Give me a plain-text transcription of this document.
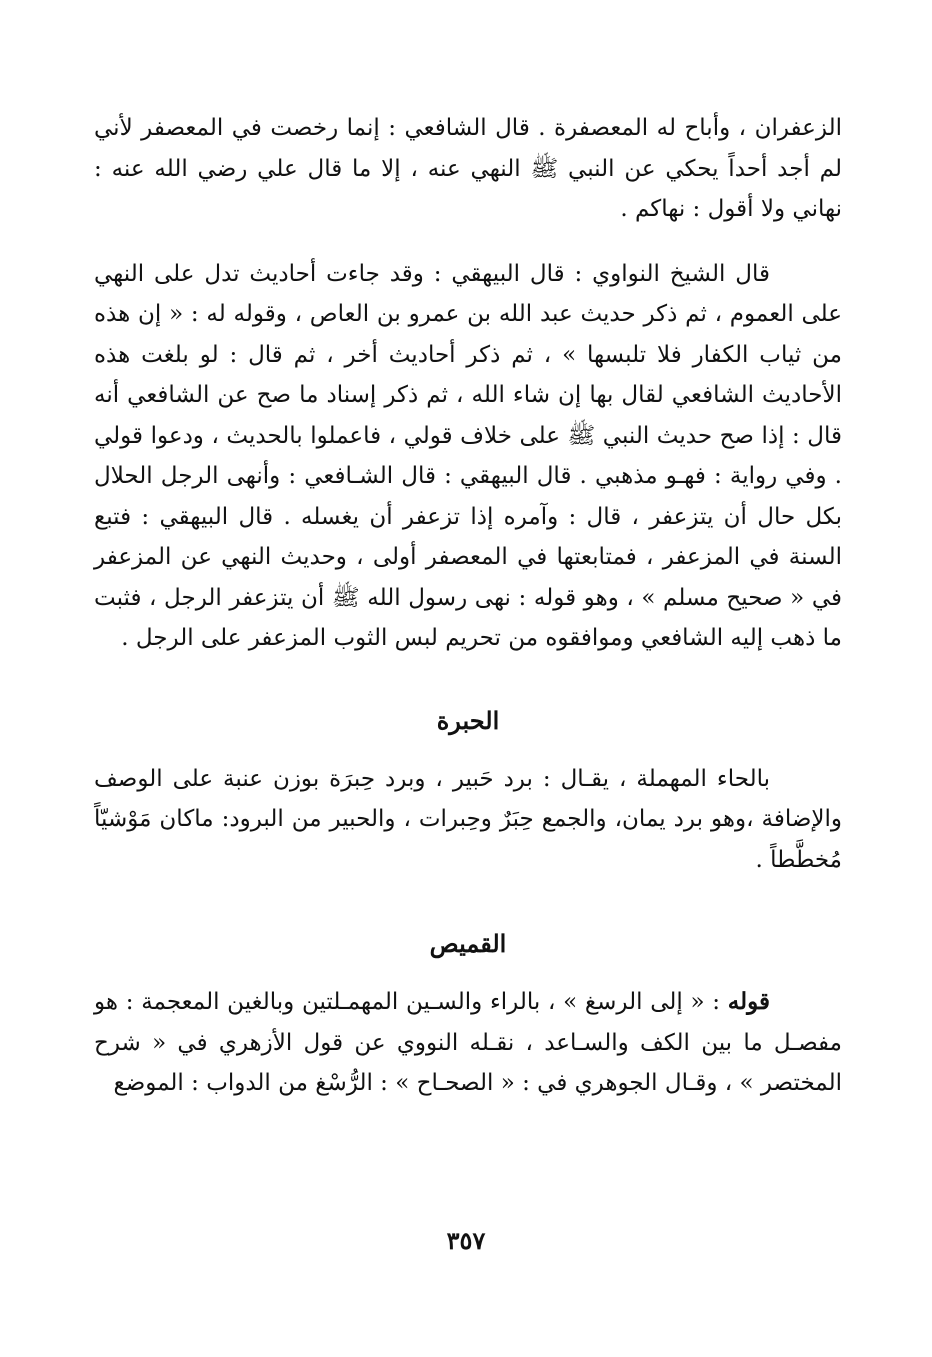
الزعفران ، وأباح له المعصفرة . قال الشافعي : إنما رخصت في المعصفر لأني لم أجد أحداً يحكي عن النبي ﷺ النهي عنه ، إلا ما قال علي رضي الله عنه : نهاني ولا أقول : نهاكم .

قال الشيخ النواوي : قال البيهقي : وقد جاءت أحاديث تدل على النهي على العموم ، ثم ذكر حديث عبد الله بن عمرو بن العاص ، وقوله له : « إن هذه من ثياب الكفار فلا تلبسها » ، ثم ذكر أحاديث أخر ، ثم قال : لو بلغت هذه الأحاديث الشافعي لقال بها إن شاء الله ، ثم ذكر إسناد ما صح عن الشافعي أنه قال : إذا صح حديث النبي ﷺ على خلاف قولي ، فاعملوا بالحديث ، ودعوا قولي . وفي رواية : فهـو مذهبي . قال البيهقي : قال الشـافعي : وأنهى الرجل الحلال بكل حال أن يتزعفر ، قال : وآمره إذا تزعفر أن يغسله . قال البيهقي : فتبع السنة في المزعفر ، فمتابعتها في المعصفر أولى ، وحديث النهي عن المزعفر في « صحيح مسلم » ، وهو قوله : نهى رسول الله ﷺ أن يتزعفر الرجل ، فثبت ما ذهب إليه الشافعي وموافقوه من تحريم لبس الثوب المزعفر على الرجل .

الحبرة

بالحاء المهملة ، يقـال : برد حَبير ، وبرد حِبرَة بوزن عنبة على الوصف والإضافة ،وهو برد يمان، والجمع حِبَرٌ وحِبرات ، والحبير من البرود: ماكان مَوْشيّاً مُخطَّطاً .

القميص

قوله : « إلى الرسغ » ، بالراء والسـين المهمـلتين وبالغين المعجمة : هو مفصـل ما بين الكف والسـاعد ، نقـله النووي عن قول الأزهري في « شرح المختصر » ، وقـال الجوهري في : « الصحـاح » : الرُّسْغ من الدواب : الموضع

٣٥٧
